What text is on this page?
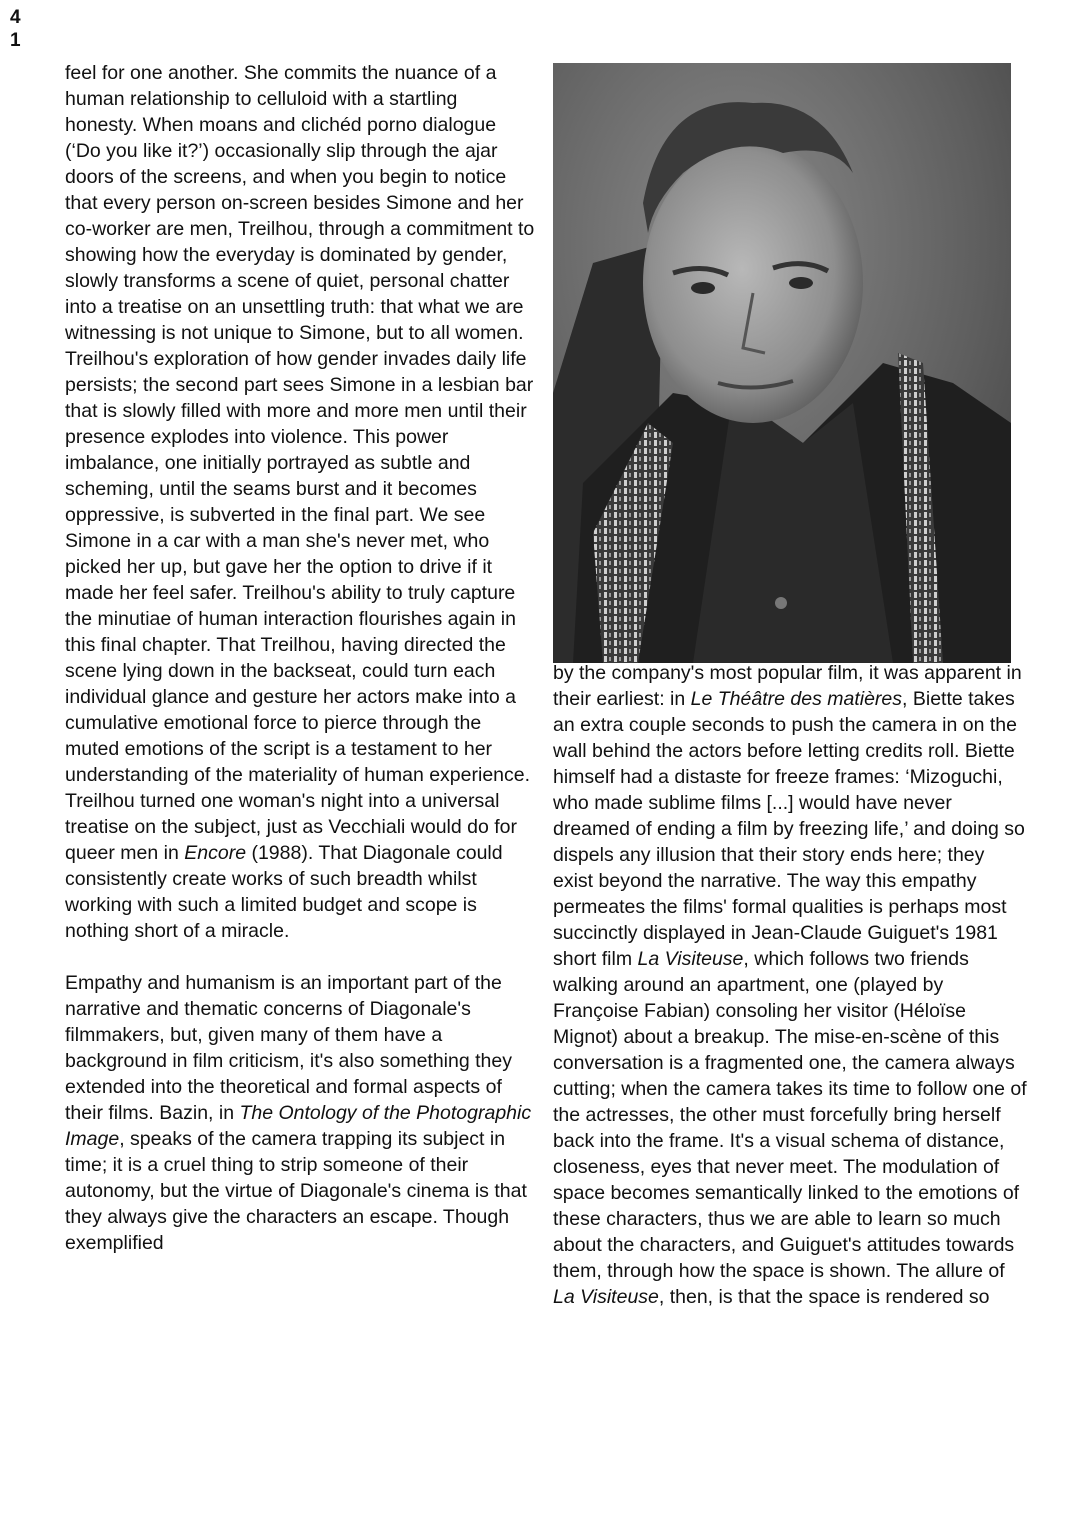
4
1

feel for one another. She commits the nuance of a human relationship to celluloid with a startling honesty. When moans and clichéd porno dialogue (‘Do you like it?’) occasionally slip through the ajar doors of the screens, and when you begin to notice that every person on-screen besides Simone and her co-worker are men, Treilhou, through a commitment to showing how the everyday is dominated by gender, slowly transforms a scene of quiet, personal chatter into a treatise on an unsettling truth: that what we are witnessing is not unique to Simone, but to all women. Treilhou's exploration of how gender invades daily life persists; the second part sees Simone in a lesbian bar that is slowly filled with more and more men until their presence explodes into violence. This power imbalance, one initially portrayed as subtle and scheming, until the seams burst and it becomes oppressive, is subverted in the final part. We see Simone in a car with a man she's never met, who picked her up, but gave her the option to drive if it made her feel safer. Treilhou's ability to truly capture the minutiae of human interaction flourishes again in this final chapter. That Treilhou, having directed the scene lying down in the backseat, could turn each individual glance and gesture her actors make into a cumulative emotional force to pierce through the muted emotions of the script is a testament to her understanding of the materiality of human experience. Treilhou turned one woman's night into a universal treatise on the subject, just as Vecchiali would do for queer men in Encore (1988). That Diagonale could consistently create works of such breadth whilst working with such a limited budget and scope is nothing short of a miracle.

Empathy and humanism is an important part of the narrative and thematic concerns of Diagonale's filmmakers, but, given many of them have a background in film criticism, it's also something they extended into the theoretical and formal aspects of their films. Bazin, in The Ontology of the Photographic Image, speaks of the camera trapping its subject in time; it is a cruel thing to strip someone of their autonomy, but the virtue of Diagonale's cinema is that they always give the characters an escape. Though exemplified

by the company's most popular film, it was apparent in their earliest: in Le Théâtre des matières, Biette takes an extra couple seconds to push the camera in on the wall behind the actors before letting credits roll. Biette himself had a distaste for freeze frames: ‘Mizoguchi, who made sublime films [...] would have never dreamed of ending a film by freezing life,’ and doing so dispels any illusion that their story ends here; they exist beyond the narrative. The way this empathy permeates the films' formal qualities is perhaps most succinctly displayed in Jean-Claude Guiguet's 1981 short film La Visiteuse, which follows two friends walking around an apartment, one (played by Françoise Fabian) consoling her visitor (Héloïse Mignot) about a breakup. The mise-en-scène of this conversation is a fragmented one, the camera always cutting; when the camera takes its time to follow one of the actresses, the other must forcefully bring herself back into the frame. It's a visual schema of distance, closeness, eyes that never meet. The modulation of space becomes semantically linked to the emotions of these characters, thus we are able to learn so much about the characters, and Guiguet's attitudes towards them, through how the space is shown. The allure of La Visiteuse, then, is that the space is rendered so
